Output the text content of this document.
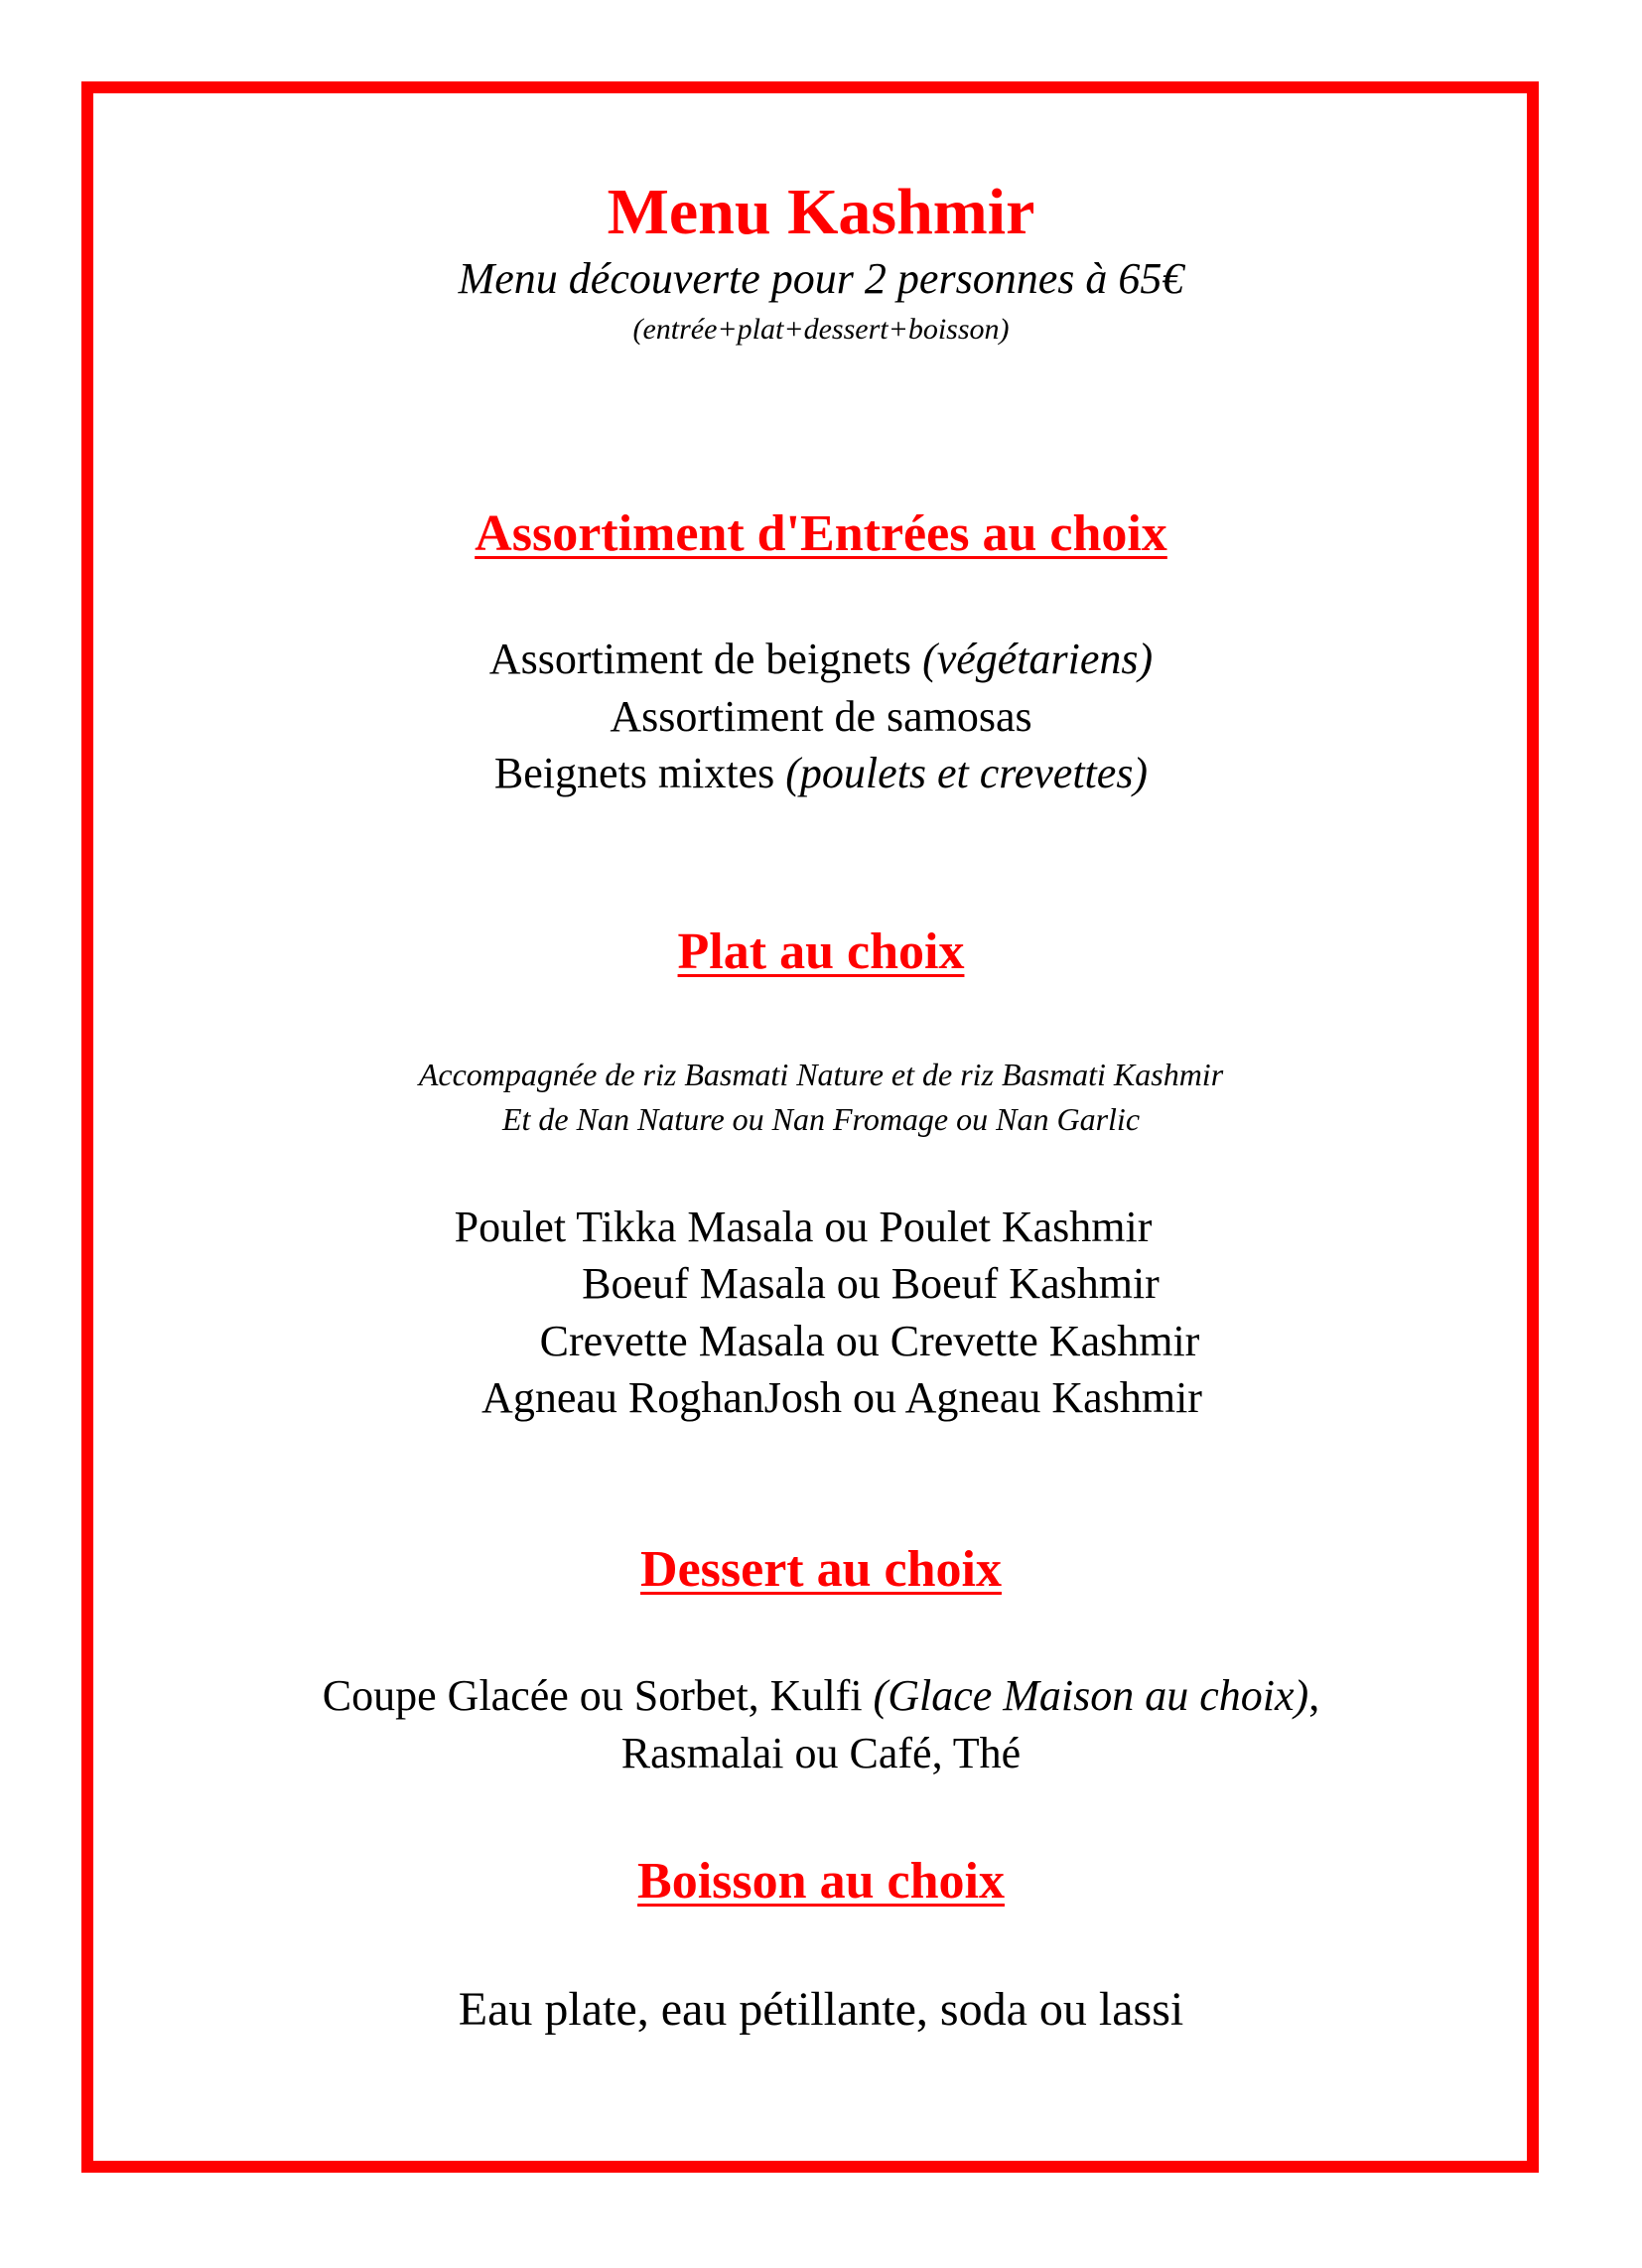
Menu Kashmir
Menu découverte pour 2 personnes à 65€
(entrée+plat+dessert+boisson)
Assortiment d'Entrées au choix
Assortiment de beignets (végétariens)
Assortiment de samosas
Beignets mixtes (poulets et crevettes)
Plat au choix
Accompagnée de riz Basmati Nature et de riz Basmati Kashmir
Et de Nan Nature ou Nan Fromage ou Nan Garlic
Poulet Tikka Masala ou Poulet Kashmir
Boeuf Masala ou Boeuf Kashmir
Crevette Masala ou Crevette Kashmir
Agneau RoghanJosh ou Agneau Kashmir
Dessert au choix
Coupe Glacée ou Sorbet, Kulfi (Glace Maison au choix),
Rasmalai ou Café, Thé
Boisson au choix
Eau plate, eau pétillante, soda ou lassi
